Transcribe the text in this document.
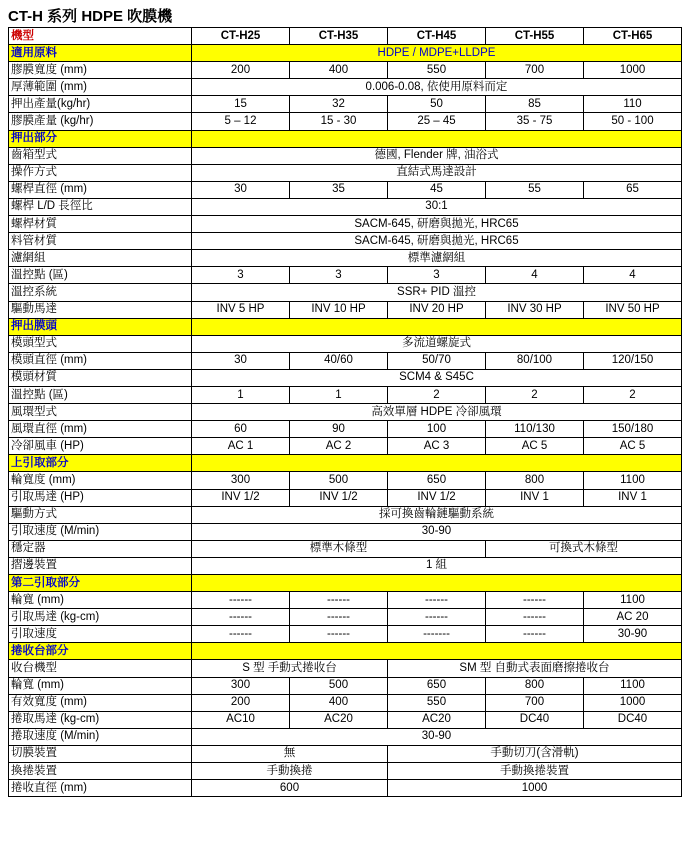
CT-H 系列 HDPE 吹膜機
機型	CT-H25	CT-H35	CT-H45	CT-H55	CT-H65
適用原料	HDPE / MDPE+LLDPE				
膠膜寬度 (mm)	200	400	550	700	1000
厚薄範圍 (mm)	0.006-0.08, 依使用原料而定				
押出產量(kg/hr)	15	32	50	85	110
膠膜產量 (kg/hr)	5 – 12	15 - 30	25 – 45	35 - 75	50 - 100
押出部分					
齒箱型式	德國, Flender 牌, 油浴式				
操作方式	直結式馬達設計				
螺桿直徑 (mm)	30	35	45	55	65
螺桿 L/D 長徑比	30:1				
螺桿材質	SACM-645, 研磨與拋光, HRC65				
料管材質	SACM-645, 研磨與拋光, HRC65				
濾網組	標準濾網組				
溫控點 (區)	3	3	3	4	4
溫控系統	SSR+ PID 溫控				
驅動馬達	INV 5 HP	INV 10 HP	INV 20 HP	INV 30 HP	INV 50 HP
押出膜頭					
模頭型式	多流道螺旋式				
模頭直徑 (mm)	30	40/60	50/70	80/100	120/150
模頭材質	SCM4 & S45C				
溫控點 (區)	1	1	2	2	2
風環型式	高效單層 HDPE 冷卻風環				
風環直徑 (mm)	60	90	100	110/130	150/180
冷卻風車 (HP)	AC 1	AC 2	AC 3	AC 5	AC 5
上引取部分					
輪寬度 (mm)	300	500	650	800	1100
引取馬達 (HP)	INV 1/2	INV 1/2	INV 1/2	INV 1	INV 1
驅動方式	採可換齒輪鏈驅動系統				
引取速度 (M/min)	30-90				
穩定器	標準木條型			可換式木條型	
摺邊裝置	1 組				
第二引取部分					
輪寬 (mm)	------	------	------	------	1100
引取馬達 (kg-cm)	------	------	------	------	AC 20
引取速度	------	------	-------	------	30-90
捲收台部分					
收台機型	S 型 手動式捲收台		SM 型 自動式表面磨擦捲收台		
輪寬 (mm)	300	500	650	800	1100
有效寬度 (mm)	200	400	550	700	1000
捲取馬達 (kg-cm)	AC10	AC20	AC20	DC40	DC40
捲取速度 (M/min)	30-90				
切膜裝置	無		手動切刀(含滑軌)		
換捲裝置	手動換捲		手動換捲裝置		
捲收直徑 (mm)	600		1000		
